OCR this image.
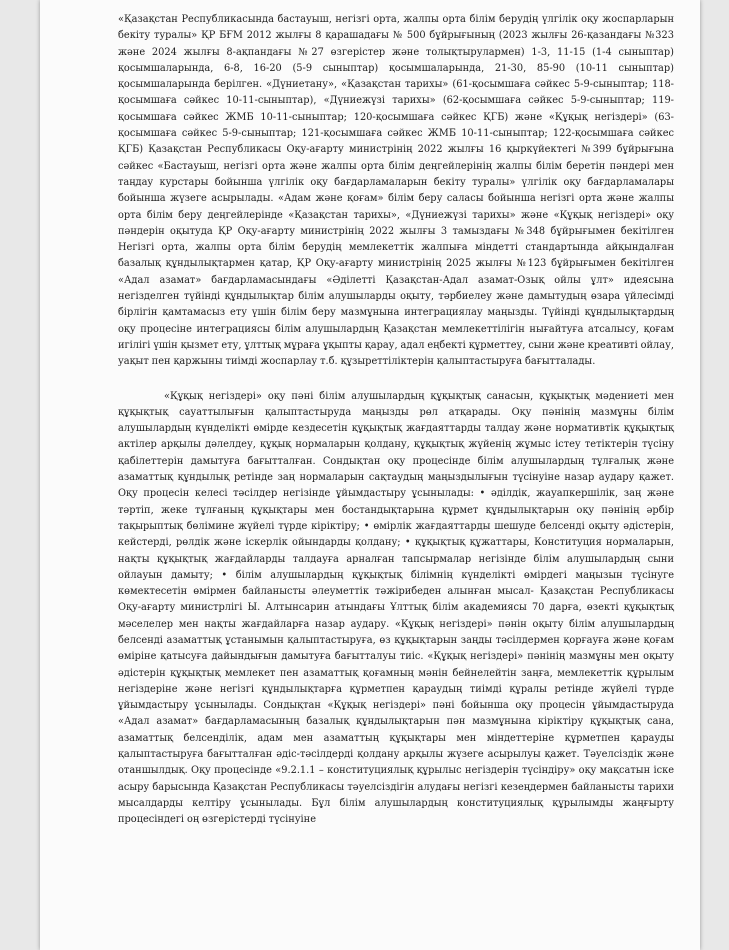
«Қазақстан Республикасында бастауыш, негізгі орта, жалпы орта білім берудің үлгілік оқу жоспарларын бекіту туралы» ҚР БҒМ 2012 жылғы 8 қарашадағы № 500 бұйрығының (2023 жылғы 26-қазандағы №323 және 2024 жылғы 8-ақпандағы №27 өзгерістер және толықтырулармен) 1-3, 11-15 (1-4 сыныптар) қосымшаларында, 6-8, 16-20 (5-9 сыныптар) қосымшаларында, 21-30, 85-90 (10-11 сыныптар) қосымшаларында берілген. «Дүниетану», «Қазақстан тарихы» (61-қосымшаға сәйкес 5-9-сыныптар; 118-қосымшаға сәйкес 10-11-сыныптар), «Дүниежүзі тарихы» (62-қосымшаға сәйкес 5-9-сыныптар; 119-қосымшаға сәйкес ЖМБ 10-11-сыныптар; 120-қосымшаға сәйкес ҚГБ) және «Құқық негіздері» (63-қосымшаға сәйкес 5-9-сыныптар; 121-қосымшаға сәйкес ЖМБ 10-11-сыныптар; 122-қосымшаға сәйкес ҚГБ) Қазақстан Республикасы Оқу-ағарту министрінің 2022 жылғы 16 қыркүйектегі №399 бұйрығына сәйкес «Бастауыш, негізгі орта және жалпы орта білім деңгейлерінің жалпы білім беретін пәндері мен таңдау курстары бойынша үлгілік оқу бағдарламаларын бекіту туралы» үлгілік оқу бағдарламалары бойынша жүзеге асырылады. «Адам және қоғам» білім беру саласы бойынша негізгі орта және жалпы орта білім беру деңгейлерінде «Қазақстан тарихы», «Дүниежүзі тарихы» және «Құқық негіздері» оқу пәндерін оқытуда ҚР Оқу-ағарту министрінің 2022 жылғы 3 тамыздағы №348 бұйрығымен бекітілген Негізгі орта, жалпы орта білім берудің мемлекеттік жалпыға міндетті стандартында айқындалған базалық құндылықтармен қатар, ҚР Оқу-ағарту министрінің 2025 жылғы №123 бұйрығымен бекітілген «Адал азамат» бағдарламасындағы «Әділетті Қазақстан-Адал азамат-Озық ойлы ұлт» идеясына негізделген түйінді құндылықтар білім алушыларды оқыту, тәрбиелеу және дамытудың өзара үйлесімді бірлігін қамтамасыз ету үшін білім беру мазмұнына интеграциялау маңызды. Түйінді құндылықтардың оқу процесіне интеграциясы білім алушылардың Қазақстан мемлекеттілігін нығайтуға атсалысу, қоғам игілігі үшін қызмет ету, ұлттық мұраға ұқыпты қарау, адал еңбекті құрметтеу, сыни және креативті ойлау, уақыт пен қаржыны тиімді жоспарлау т.б. құзыреттіліктерін қалыптастыруға бағытталады.

«Құқық негіздері» оқу пәні білім алушылардың құқықтық санасын, құқықтық мәдениеті мен құқықтық сауаттылығын қалыптастыруда маңызды рөл атқарады. Оқу пәнінің мазмұны білім алушылардың күнделікті өмірде кездесетін құқықтық жағдаяттарды талдау және нормативтік құқықтық актілер арқылы дәлелдеу, құқық нормаларын қолдану, құқықтық жүйенің жұмыс істеу тетіктерін түсіну қабілеттерін дамытуға бағытталған. Сондықтан оқу процесінде білім алушылардың тұлғалық және азаматтық құндылық ретінде заң нормаларын сақтаудың маңыздылығын түсінуіне назар аудару қажет. Оқу процесін келесі тәсілдер негізінде ұйымдастыру ұсынылады: • әділдік, жауапкершілік, заң және тәртіп, жеке тұлғаның құқықтары мен бостандықтарына құрмет құндылықтарын оқу пәнінің әрбір тақырыптық бөлімине жүйелі түрде кіріктіру; • өмірлік жағдаяттарды шешуде белсенді оқыту әдістерін, кейстерді, рөлдік және іскерлік ойындарды қолдану; • құқықтық құжаттары, Конституция нормаларын, нақты құқықтық жағдайларды талдауға арналған тапсырмалар негізінде білім алушылардың сыни ойлауын дамыту; • білім алушылардың құқықтық білімнің күнделікті өмірдегі маңызын түсінуге көмектесетін өмірмен байланысты әлеуметтік тәжірибеден алынған мысал- Қазақстан Республикасы Оқу-ағарту министрлігі Ы. Алтынсарин атындағы Ұлттық білім академиясы 70 дарға, өзекті құқықтық мәселелер мен нақты жағдайларға назар аудару. «Құқық негіздері» пәнін оқыту білім алушылардың белсенді азаматтық ұстанымын қалыптастыруға, өз құқықтарын заңды тәсілдермен қорғауға және қоғам өміріне қатысуға дайындығын дамытуға бағытталуы тиіс. «Құқық негіздері» пәнінің мазмұны мен оқыту әдістерін құқықтық мемлекет пен азаматтық қоғамның мәнін бейнелейтін заңға, мемлекеттік құрылым негіздеріне және негізгі құндылықтарға құрметпен қараудың тиімді құралы ретінде жүйелі түрде ұйымдастыру ұсынылады. Сондықтан «Құқық негіздері» пәні бойынша оқу процесін ұйымдастыруда «Адал азамат» бағдарламасының базалық құндылықтарын пән мазмұнына кіріктіру құқықтық сана, азаматтық белсенділік, адам мен азаматтың құқықтары мен міндеттеріне құрметпен қарауды қалыптастыруға бағытталған әдіс-тәсілдерді қолдану арқылы жүзеге асырылуы қажет. Тәуелсіздік және отаншылдық. Оқу процесінде «9.2.1.1 – конституциялық құрылыс негіздерін түсіндіру» оқу мақсатын іске асыру барысында Қазақстан Республикасы тәуелсіздігін алудағы негізгі кезеңдермен байланысты тарихи мысалдарды келтіру ұсынылады. Бұл білім алушылардың конституциялық құрылымды жаңғырту процесіндегі оң өзгерістерді түсінуіне
